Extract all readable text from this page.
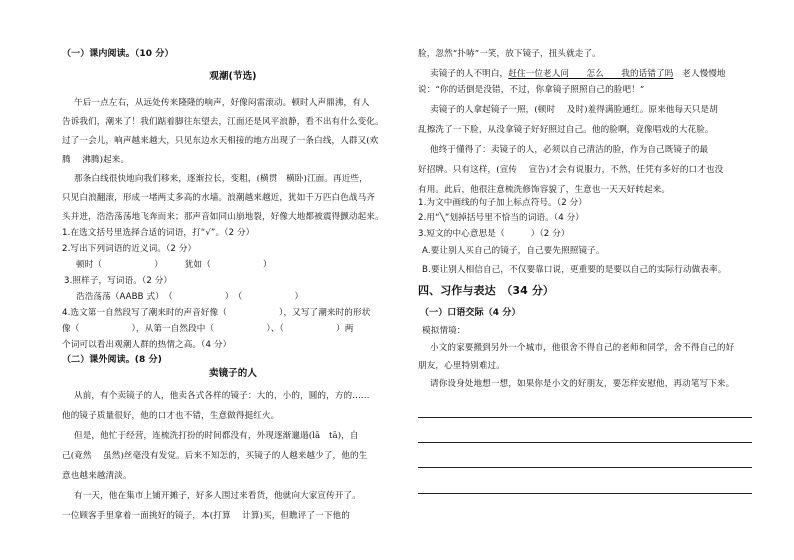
（一）课内阅读。（10 分）
观潮(节选)
午后一点左右，从远处传来隆隆的响声，好像闷雷滚动。顿时人声鼎沸，有人
告诉我们，潮来了！我们踮着脚往东望去，江面还是风平浪静，看不出有什么变化。
过了一会儿，响声越来越大，只见东边水天相接的地方出现了一条白线，人群又(欢
腾　 沸腾)起来。
那条白线很快地向我们移来，逐渐拉长，变粗，(横贯　横卧)江面。再近些，
只见白浪翻滚，形成一堵两丈多高的水墙。浪潮越来越近，犹如千万匹白色战马齐
头并进，浩浩荡荡地飞奔而来；那声音如同山崩地裂，好像大地都被震得颤动起来。
1.在选文括号里选择合适的词语，打“√”。（2 分）
2.写出下列词语的近义词。（2 分）
顿时（　　　　　　）　　　犹如（　　　　　　）
3.照样子，写词语。（2 分）
浩浩荡荡（AABB 式）　（　　　　　　）　（　　　　　　）
4.选文第一自然段写了潮来时的声音好像（　　　　　　），又写了潮来时的形状
像（　　　　　　），从第一自然段中（　　　　　　）、（　　　　　　）两
个词可以看出观潮人群的热情之高。（4 分）
（二）课外阅读。(8 分)
卖镜子的人
从前，有个卖镜子的人，他卖各式各样的镜子：大的，小的，圆的，方的……
他的镜子质量很好，他的口才也不错，生意做得挺红火。
但是，他忙于经营，连梳洗打扮的时间都没有，外现逐渐邋遢(lā　tā)，自
己(竟然　 虽然)丝毫没有发觉。后来不知怎的，买镜子的人越来越少了，他的生
意也越来越清淡。
有一天，他在集市上铺开摊子，好多人围过来看货，他就向大家宣传开了。
一位顾客手里拿着一面挑好的镜子，本(打算　 计算)买，但瞧评了一下他的
脸，忽然“扑哧”一笑，放下镜子，扭头就走了。
卖镜子的人不明白，赶住一位老人问　　怎么　　我的话错了吗　老人慢慢地
说：“你的话倒是没错，不过，你拿镜子照照自己的脸吧！”
卖镜子的人拿起镜子一照，(顿时　 及时)羞得满脸通红。原来他每天只是胡
乱擦洗了一下脸，从没拿镜子好好照过自己。他的脸啊，竟像唱戏的大花脸。
他终于懂得了：卖镜子的人，必须以自己清洁的脸，作为自己既镜子的最
好招牌。只有这样，(宣传　 宣告)才会有说服力，不然，任凭有多好的口才也没
有用。此后，他很注意梳洗修饰容貌了，生意也一天天好转起来。
1.为文中画线的句子加上标点符号。（2 分）
2.用“╲”划掉括号里不恰当的词语。（4 分）
3.短文的中心意思是（　　　）（2 分）
A.要让别人买自己的镜子，自己要先照照镜子。
B.要让别人相信自己，不仅要靠口说，更重要的是要以自己的实际行动做表率。
四、习作与表达　（34 分）
（一）口语交际（4 分）
模拟情境：
小文的家要搬到另外一个城市，他很舍不得自己的老师和同学，舍不得自己的好
朋友，心里特别难过。
请你设身处地想一想，如果你是小文的好朋友，要怎样安慰他，再动笔写下来。
